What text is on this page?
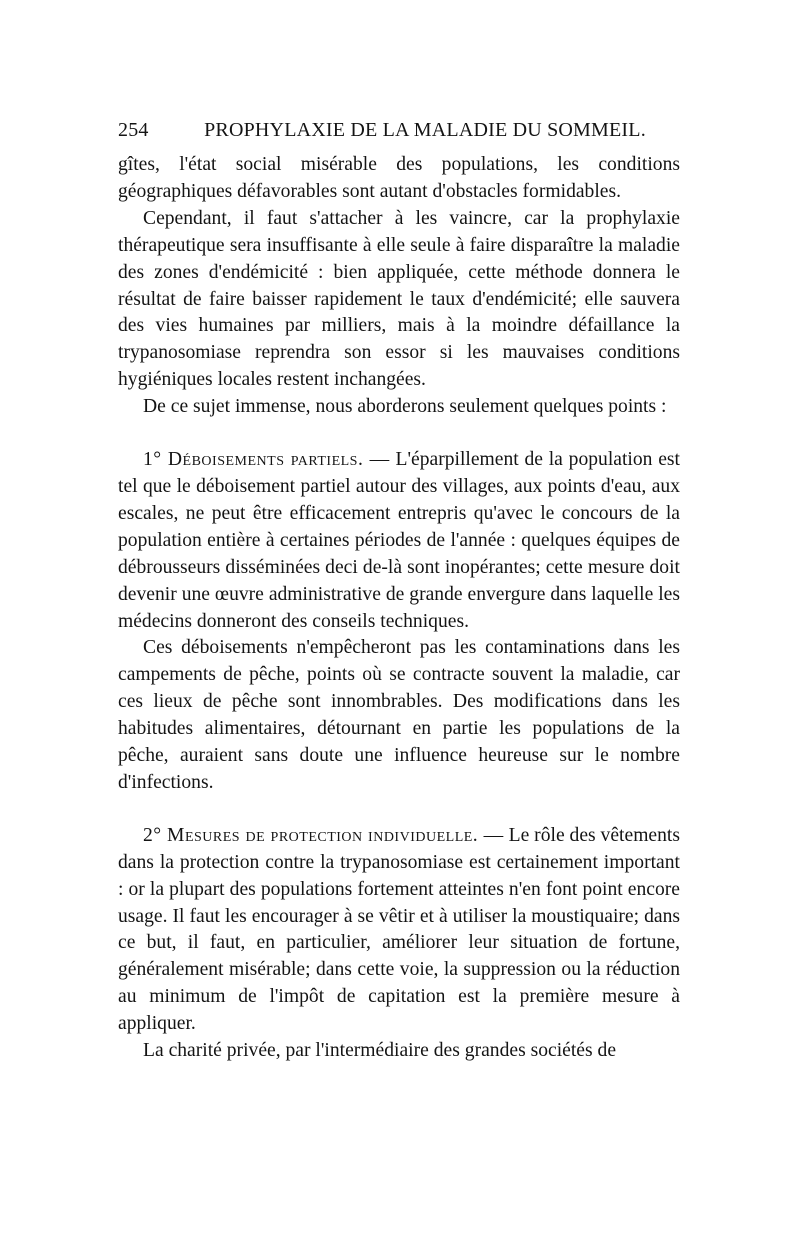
254	PROPHYLAXIE DE LA MALADIE DU SOMMEIL.

gîtes, l'état social misérable des populations, les conditions géographiques défavorables sont autant d'obstacles formidables.

Cependant, il faut s'attacher à les vaincre, car la prophylaxie thérapeutique sera insuffisante à elle seule à faire disparaître la maladie des zones d'endémicité : bien appliquée, cette méthode donnera le résultat de faire baisser rapidement le taux d'endémicité; elle sauvera des vies humaines par milliers, mais à la moindre défaillance la trypanosomiase reprendra son essor si les mauvaises conditions hygiéniques locales restent inchangées.

De ce sujet immense, nous aborderons seulement quelques points :

1° Déboisements partiels. — L'éparpillement de la population est tel que le déboisement partiel autour des villages, aux points d'eau, aux escales, ne peut être efficacement entrepris qu'avec le concours de la population entière à certaines périodes de l'année : quelques équipes de débrousseurs disséminées deci de-là sont inopérantes; cette mesure doit devenir une œuvre administrative de grande envergure dans laquelle les médecins donneront des conseils techniques.

Ces déboisements n'empêcheront pas les contaminations dans les campements de pêche, points où se contracte souvent la maladie, car ces lieux de pêche sont innombrables. Des modifications dans les habitudes alimentaires, détournant en partie les populations de la pêche, auraient sans doute une influence heureuse sur le nombre d'infections.

2° Mesures de protection individuelle. — Le rôle des vêtements dans la protection contre la trypanosomiase est certainement important : or la plupart des populations fortement atteintes n'en font point encore usage. Il faut les encourager à se vêtir et à utiliser la moustiquaire; dans ce but, il faut, en particulier, améliorer leur situation de fortune, généralement misérable; dans cette voie, la suppression ou la réduction au minimum de l'impôt de capitation est la première mesure à appliquer.

La charité privée, par l'intermédiaire des grandes sociétés de
